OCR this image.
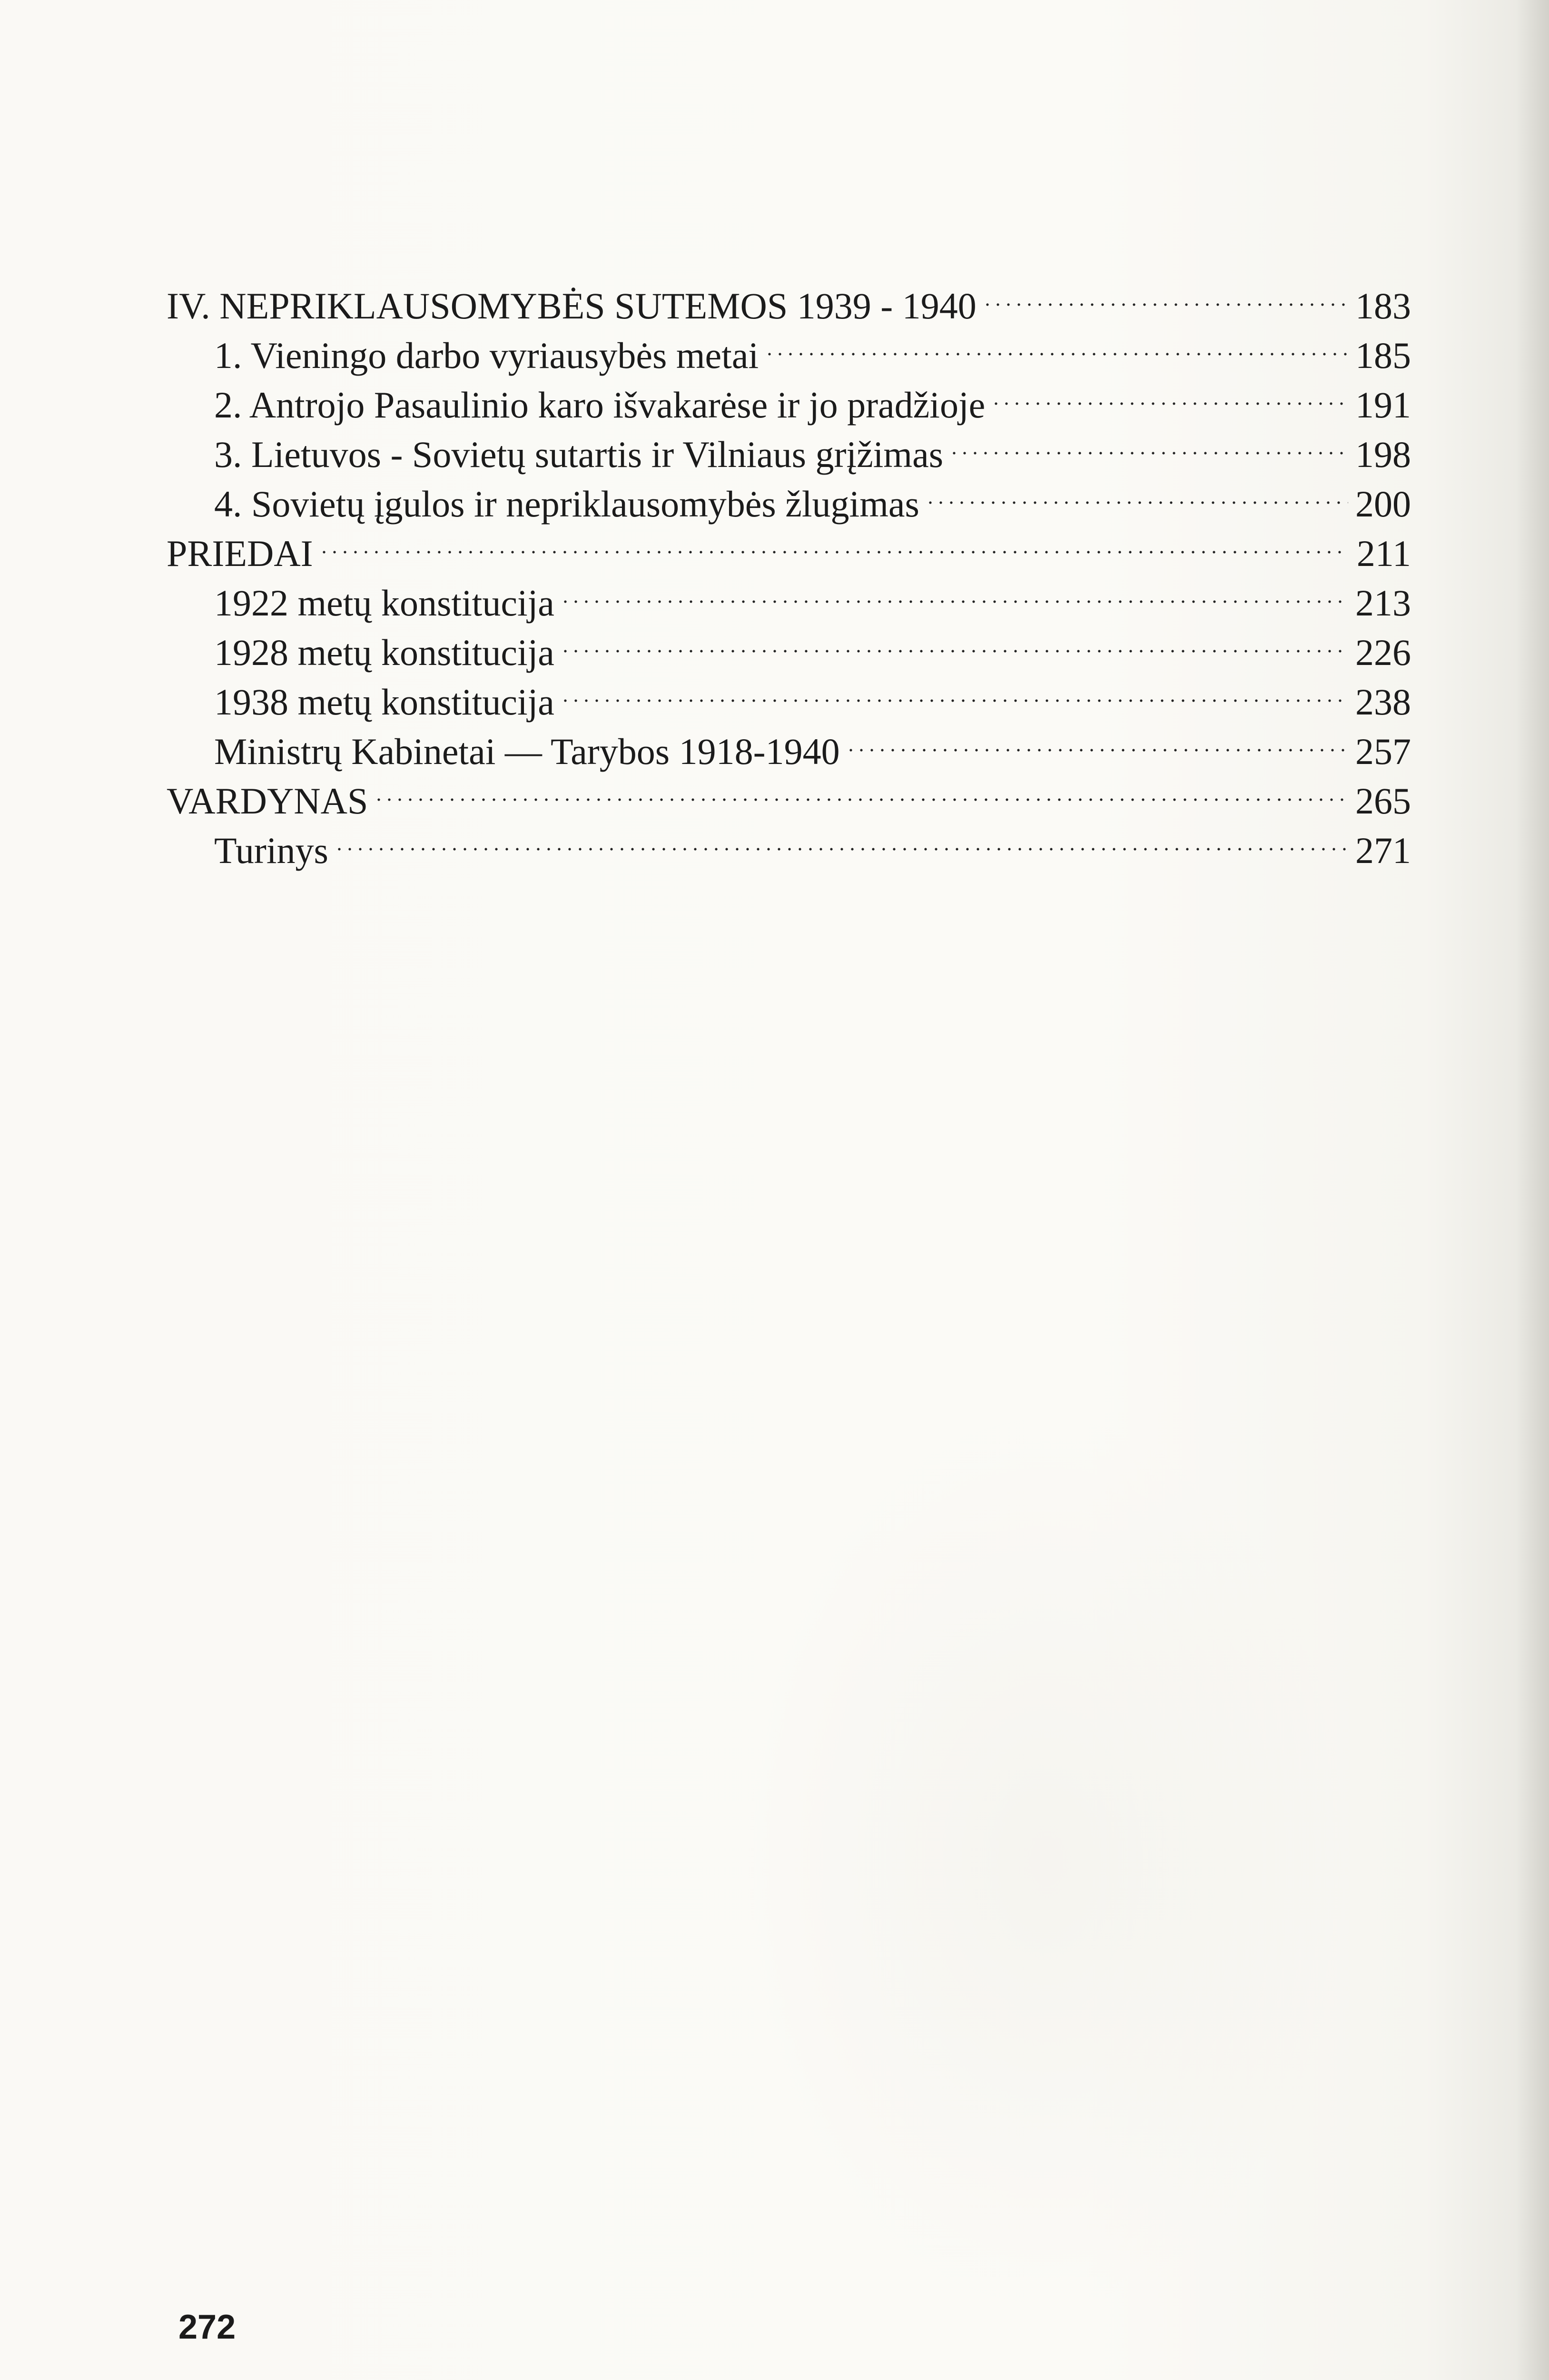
IV. NEPRIKLAUSOMYBĖS SUTEMOS 1939 - 1940	183
1. Vieningo darbo vyriausybės metai	185
2. Antrojo Pasaulinio karo išvakarėse ir jo pradžioje	191
3. Lietuvos - Sovietų sutartis ir Vilniaus grįžimas	198
4. Sovietų įgulos ir nepriklausomybės žlugimas	200
PRIEDAI	211
1922 metų konstitucija	213
1928 metų konstitucija	226
1938 metų konstitucija	238
Ministrų Kabinetai — Tarybos 1918-1940	257
VARDYNAS	265
Turinys	271
272
